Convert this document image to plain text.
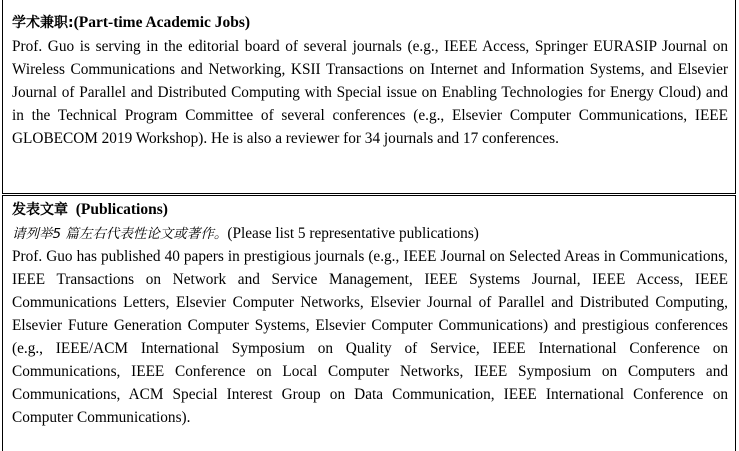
学术兼职:(Part-time Academic Jobs)

Prof. Guo is serving in the editorial board of several journals (e.g., IEEE Access, Springer EURASIP Journal on Wireless Communications and Networking, KSII Transactions on Internet and Information Systems, and Elsevier Journal of Parallel and Distributed Computing with Special issue on Enabling Technologies for Energy Cloud) and in the Technical Program Committee of several conferences (e.g., Elsevier Computer Communications, IEEE GLOBECOM 2019 Workshop). He is also a reviewer for 34 journals and 17 conferences.

发表文章 (Publications)
请列举5 篇左右代表性论文或著作。(Please list 5 representative publications)

Prof. Guo has published 40 papers in prestigious journals (e.g., IEEE Journal on Selected Areas in Communications, IEEE Transactions on Network and Service Management, IEEE Systems Journal, IEEE Access, IEEE Communications Letters, Elsevier Computer Networks, Elsevier Journal of Parallel and Distributed Computing, Elsevier Future Generation Computer Systems, Elsevier Computer Communications) and prestigious conferences (e.g., IEEE/ACM International Symposium on Quality of Service, IEEE International Conference on Communications, IEEE Conference on Local Computer Networks, IEEE Symposium on Computers and Communications, ACM Special Interest Group on Data Communication, IEEE International Conference on Computer Communications).
